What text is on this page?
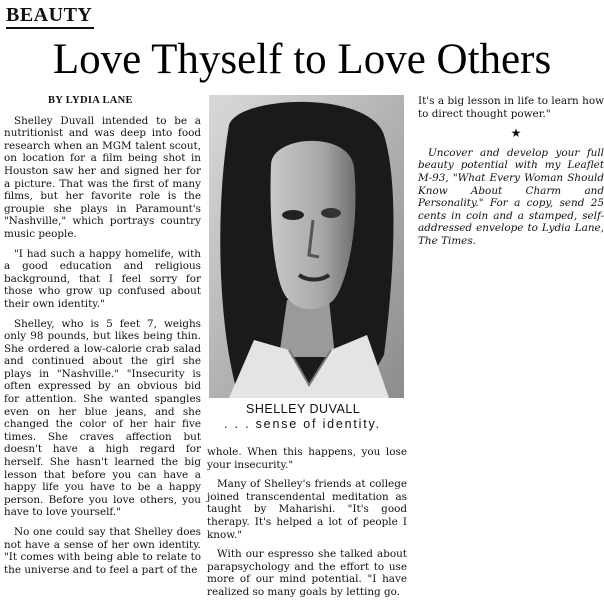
BEAUTY
Love Thyself to Love Others
BY LYDIA LANE

Shelley Duvall intended to be a nutritionist and was deep into food research when an MGM talent scout, on location for a film being shot in Houston saw her and signed her for a picture. That was the first of many films, but her favorite role is the groupie she plays in Paramount's "Nashville," which portrays country music people.

"I had such a happy homelife, with a good education and religious background, that I feel sorry for those who grow up confused about their own identity."

Shelley, who is 5 feet 7, weighs only 98 pounds, but likes being thin. She ordered a low-calorie crab salad and continued about the girl she plays in "Nashville." "Insecurity is often expressed by an obvious bid for attention. She wanted spangles even on her blue jeans, and she changed the color of her hair five times. She craves affection but doesn't have a high regard for herself. She hasn't learned the big lesson that before you can have a happy life you have to be a happy person. Before you love others, you have to love yourself."

No one could say that Shelley does not have a sense of her own identity. "It comes with being able to relate to the universe and to feel a part of the

SHELLEY DUVALL
. . . sense of identity.

whole. When this happens, you lose your insecurity."

Many of Shelley's friends at college joined transcendental meditation as taught by Maharishi. "It's good therapy. It's helped a lot of people I know."

With our espresso she talked about parapsychology and the effort to use more of our mind potential. "I have realized so many goals by letting go.

It's a big lesson in life to learn how to direct thought power."

★

Uncover and develop your full beauty potential with my Leaflet M-93, "What Every Woman Should Know About Charm and Personality." For a copy, send 25 cents in coin and a stamped, self-addressed envelope to Lydia Lane, The Times.
